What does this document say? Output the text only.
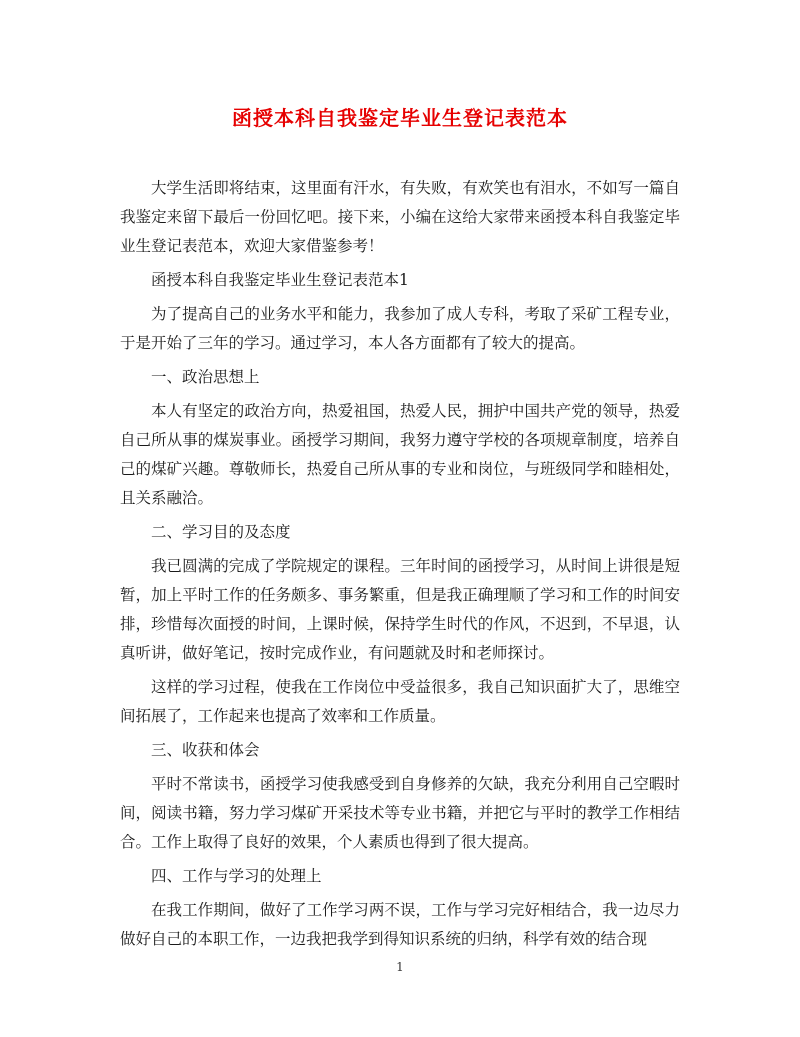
函授本科自我鉴定毕业生登记表范本

大学生活即将结束，这里面有汗水，有失败，有欢笑也有泪水，不如写一篇自我鉴定来留下最后一份回忆吧。接下来，小编在这给大家带来函授本科自我鉴定毕业生登记表范本，欢迎大家借鉴参考！

函授本科自我鉴定毕业生登记表范本1

为了提高自己的业务水平和能力，我参加了成人专科，考取了采矿工程专业，于是开始了三年的学习。通过学习，本人各方面都有了较大的提高。

一、政治思想上

本人有坚定的政治方向，热爱祖国，热爱人民，拥护中国共产党的领导，热爱自己所从事的煤炭事业。函授学习期间，我努力遵守学校的各项规章制度，培养自己的煤矿兴趣。尊敬师长，热爱自己所从事的专业和岗位，与班级同学和睦相处，且关系融洽。

二、学习目的及态度

我已圆满的完成了学院规定的课程。三年时间的函授学习，从时间上讲很是短暂，加上平时工作的任务颇多、事务繁重，但是我正确理顺了学习和工作的时间安排，珍惜每次面授的时间，上课时候，保持学生时代的作风，不迟到，不早退，认真听讲，做好笔记，按时完成作业，有问题就及时和老师探讨。

这样的学习过程，使我在工作岗位中受益很多，我自己知识面扩大了，思维空间拓展了，工作起来也提高了效率和工作质量。

三、收获和体会

平时不常读书，函授学习使我感受到自身修养的欠缺，我充分利用自己空暇时间，阅读书籍，努力学习煤矿开采技术等专业书籍，并把它与平时的教学工作相结合。工作上取得了良好的效果，个人素质也得到了很大提高。

四、工作与学习的处理上

在我工作期间，做好了工作学习两不误，工作与学习完好相结合，我一边尽力做好自己的本职工作，一边我把我学到得知识系统的归纳，科学有效的结合现

1
